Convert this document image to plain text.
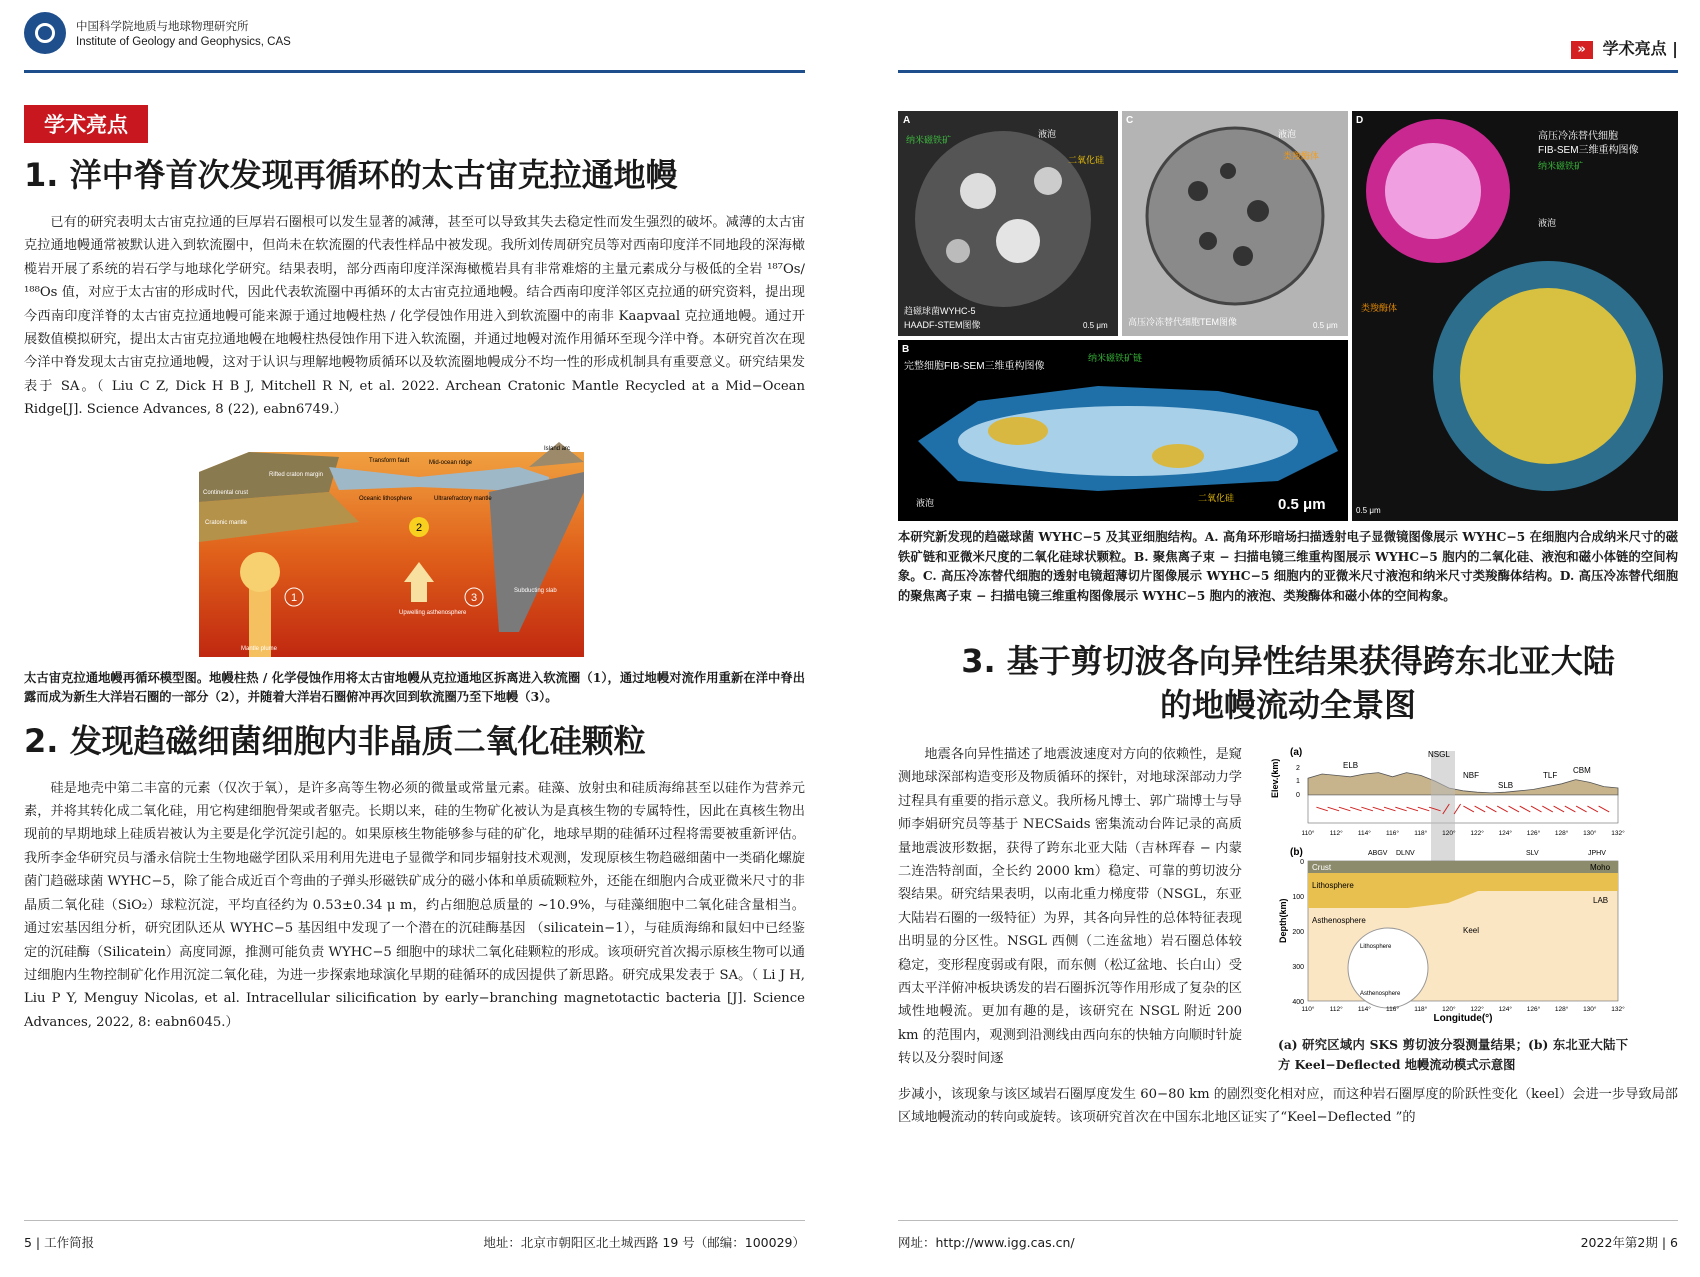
中国科学院地质与地球物理研究所
Institute of Geology and Geophysics, CAS
学术亮点
1. 洋中脊首次发现再循环的太古宙克拉通地幔

已有的研究表明太古宙克拉通的巨厚岩石圈根可以发生显著的减薄，甚至可以导致其失去稳定性而发生强烈的破坏。减薄的太古宙克拉通地幔通常被默认进入到软流圈中，但尚未在软流圈的代表性样品中被发现。我所刘传周研究员等对西南印度洋不同地段的深海橄榄岩开展了系统的岩石学与地球化学研究。结果表明，部分西南印度洋深海橄榄岩具有非常难熔的主量元素成分与极低的全岩 ¹⁸⁷Os/¹⁸⁸Os 值，对应于太古宙的形成时代，因此代表软流圈中再循环的太古宙克拉通地幔。结合西南印度洋邻区克拉通的研究资料，提出现今西南印度洋脊的太古宙克拉通地幔可能来源于通过地幔柱热 / 化学侵蚀作用进入到软流圈中的南非 Kaapvaal 克拉通地幔。通过开展数值模拟研究，提出太古宙克拉通地幔在地幔柱热侵蚀作用下进入软流圈，并通过地幔对流作用循环至现今洋中脊。本研究首次在现今洋中脊发现太古宙克拉通地幔，这对于认识与理解地幔物质循环以及软流圈地幔成分不均一性的形成机制具有重要意义。研究结果发表于 SA。（ Liu C Z, Dick H B J, Mitchell R N, et al. 2022. Archean Cratonic Mantle Recycled at a Mid−Ocean Ridge[J]. Science Advances, 8 (22), eabn6749.）

1
2
3
Rifted craton margin
Transform fault	Mid-ocean ridge
Island arc
Continental crust
Oceanic lithosphere	Ultrarefractory mantle
Cratonic mantle
Upwelling asthenosphere
Mantle plume
Subducting slab

太古宙克拉通地幔再循环模型图。地幔柱热 / 化学侵蚀作用将太古宙地幔从克拉通地区拆离进入软流圈（1），通过地幔对流作用重新在洋中脊出露而成为新生大洋岩石圈的一部分（2），并随着大洋岩石圈俯冲再次回到软流圈乃至下地幔（3）。

2. 发现趋磁细菌细胞内非晶质二氧化硅颗粒

硅是地壳中第二丰富的元素（仅次于氧），是许多高等生物必须的微量或常量元素。硅藻、放射虫和硅质海绵甚至以硅作为营养元素，并将其转化成二氧化硅，用它构建细胞骨架或者躯壳。长期以来，硅的生物矿化被认为是真核生物的专属特性，因此在真核生物出现前的早期地球上硅质岩被认为主要是化学沉淀引起的。如果原核生物能够参与硅的矿化，地球早期的硅循环过程将需要被重新评估。我所李金华研究员与潘永信院士生物地磁学团队采用利用先进电子显微学和同步辐射技术观测，发现原核生物趋磁细菌中一类硝化螺旋菌门趋磁球菌 WYHC−5，除了能合成近百个弯曲的子弹头形磁铁矿成分的磁小体和单质硫颗粒外，还能在细胞内合成亚微米尺寸的非晶质二氧化硅（SiO₂）球粒沉淀，平均直径约为 0.53±0.34 μ m，约占细胞总质量的 ~10.9%，与硅藻细胞中二氧化硅含量相当。通过宏基因组分析，研究团队还从 WYHC−5 基因组中发现了一个潜在的沉硅酶基因 （silicatein−1），与硅质海绵和鼠妇中已经鉴定的沉硅酶（Silicatein）高度同源，推测可能负责 WYHC−5 细胞中的球状二氧化硅颗粒的形成。该项研究首次揭示原核生物可以通过细胞内生物控制矿化作用沉淀二氧化硅，为进一步探索地球演化早期的硅循环的成因提供了新思路。研究成果发表于 SA。（ Li J H, Liu P Y, Menguy Nicolas, et al. Intracellular silicification by early−branching magnetotactic bacteria [J]. Science Advances, 2022, 8: eabn6045.）

5 | 工作简报	地址：北京市朝阳区北土城西路 19 号（邮编：100029）
» 学术亮点 |
A
纳米磁铁矿
液泡
二氧化硅
趋磁球菌WYHC-5
HAADF-STEM图像	0.5 μm
C
液泡
类羧酶体
高压冷冻替代细胞TEM图像	0.5 μm
D
高压冷冻替代细胞
FIB-SEM三维重构图像
纳米磁铁矿
液泡
类羧酶体
0.5 μm
B
完整细胞FIB-SEM三维重构图像
纳米磁铁矿链
液泡	二氧化硅	0.5 μm

本研究新发现的趋磁球菌 WYHC−5 及其亚细胞结构。A. 高角环形暗场扫描透射电子显微镜图像展示 WYHC−5 在细胞内合成纳米尺寸的磁铁矿链和亚微米尺度的二氧化硅球状颗粒。B. 聚焦离子束 − 扫描电镜三维重构图展示 WYHC−5 胞内的二氧化硅、液泡和磁小体链的空间构象。C. 高压冷冻替代细胞的透射电镜超薄切片图像展示 WYHC−5 细胞内的亚微米尺寸液泡和纳米尺寸类羧酶体结构。D. 高压冷冻替代细胞的聚焦离子束 − 扫描电镜三维重构图像展示 WYHC−5 胞内的液泡、类羧酶体和磁小体的空间构象。

3. 基于剪切波各向异性结果获得跨东北亚大陆
的地幔流动全景图

地震各向异性描述了地震波速度对方向的依赖性，是窥测地球深部构造变形及物质循环的探针，对地球深部动力学过程具有重要的指示意义。我所杨凡博士、郭广瑞博士与导师李娟研究员等基于 NECSaids 密集流动台阵记录的高质量地震波形数据，获得了跨东北亚大陆（吉林珲春 − 内蒙二连浩特剖面，全长约 2000 km）稳定、可靠的剪切波分裂结果。研究结果表明，以南北重力梯度带（NSGL，东亚大陆岩石圈的一级特征）为界，其各向异性的总体特征表现出明显的分区性。NSGL 西侧（二连盆地）岩石圈总体较稳定，变形程度弱或有限，而东侧（松辽盆地、长白山）受西太平洋俯冲板块诱发的岩石圈拆沉等作用形成了复杂的区域性地幔流。更加有趣的是，该研究在 NSGL 附近 200 km 的范围内，观测到沿测线由西向东的快轴方向顺时针旋转以及分裂时间逐

(a)
Elev.(km) 2
1
0
ELB
NSGL
NBF
SLB
TLF
CBM
110° 112° 114° 116° 118° 120° 122° 124° 126° 128° 130° 132°
(b)	ABGV DLNV	SLV	JPHV
Crust
Lithosphere
Asthenosphere
Moho
LAB
Keel
Lithosphere
Asthenosphere
Depth(km)
0
100
200
300
400
110° 112° 114° 116° 118° 120° 122° 124° 126° 128° 130° 132°
Longitude(°)

(a) 研究区域内 SKS 剪切波分裂测量结果；(b) 东北亚大陆下方 Keel−Deflected 地幔流动模式示意图

步减小，该现象与该区域岩石圈厚度发生 60−80 km 的剧烈变化相对应，而这种岩石圈厚度的阶跃性变化（keel）会进一步导致局部区域地幔流动的转向或旋转。该项研究首次在中国东北地区证实了“Keel−Deflected ”的

网址：http://www.igg.cas.cn/	2022年第2期 | 6
